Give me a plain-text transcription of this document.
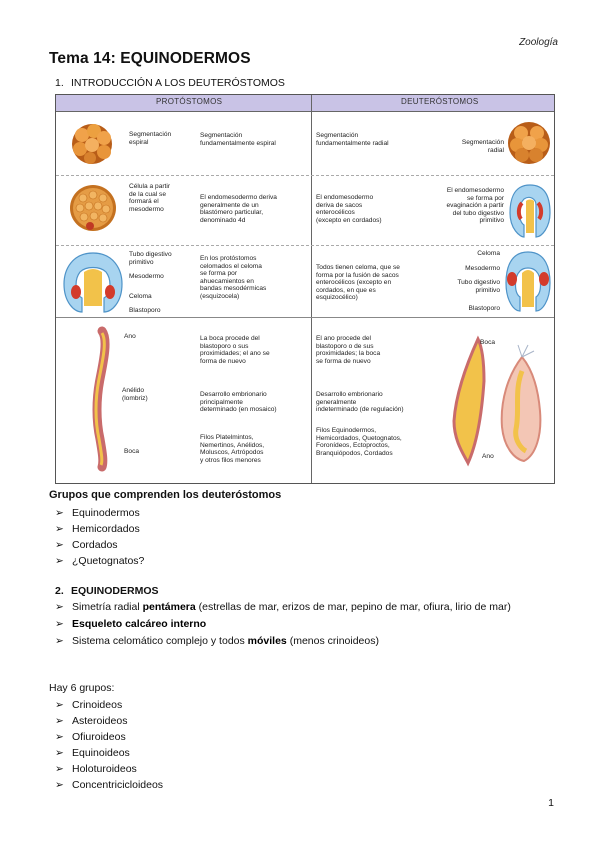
Zoología
Tema 14: EQUINODERMOS
1. INTRODUCCIÓN A LOS DEUTERÓSTOMOS
PROTÓSTOMOS	DEUTERÓSTOMOS
Segmentación
espiral
Segmentación
fundamentalmente espiral
Segmentación
fundamentalmente radial	Segmentación
radial
Célula a partir
de la cual se
formará el
mesodermo
El endomesodermo deriva
generalmente de un
blastómero particular,
denominado 4d
El endomesodermo
deriva de sacos
enterocélicos
(excepto en cordados)
El endomesodermo
se forma por
evaginación a partir
del tubo digestivo
primitivo
Tubo digestivo
primitivo
Mesodermo
Celoma
Blastoporo
En los protóstomos
celomados el celoma
se forma por
ahuecamientos en
bandas mesodérmicas
(esquizocela)
Todos tienen celoma, que se
forma por la fusión de sacos
enterocélicos (excepto en
cordados, en que es
esquizocélico)
Celoma
Mesodermo
Tubo digestivo
primitivo
Blastoporo
Ano
Anélido
(lombriz)
Boca
La boca procede del
blastoporo o sus
proximidades; el ano se
forma de nuevo
Desarrollo embrionario
principalmente
determinado (en mosaico)
Filos Platelmintos,
Nemertinos, Anélidos,
Moluscos, Artrópodos
y otros filos menores
El ano procede del
blastoporo o de sus
proximidades; la boca
se forma de nuevo
Desarrollo embrionario
generalmente
indeterminado (de regulación)
Filos Equinodermos,
Hemicordados, Quetognatos,
Foronídeos, Ectoproctos,
Branquiópodos, Cordados
Boca
Ano
Grupos que comprenden los deuteróstomos
➢ Equinodermos
➢ Hemicordados
➢ Cordados
➢ ¿Quetognatos?
2. EQUINODERMOS
➢ Simetría radial pentámera (estrellas de mar, erizos de mar, pepino de mar, ofiura, lirio de mar)
➢ Esqueleto calcáreo interno
➢ Sistema celomático complejo y todos móviles (menos crinoideos)
Hay 6 grupos:
➢ Crinoideos
➢ Asteroideos
➢ Ofiuroideos
➢ Equinoideos
➢ Holoturoideos
➢ Concentricicloideos
1
